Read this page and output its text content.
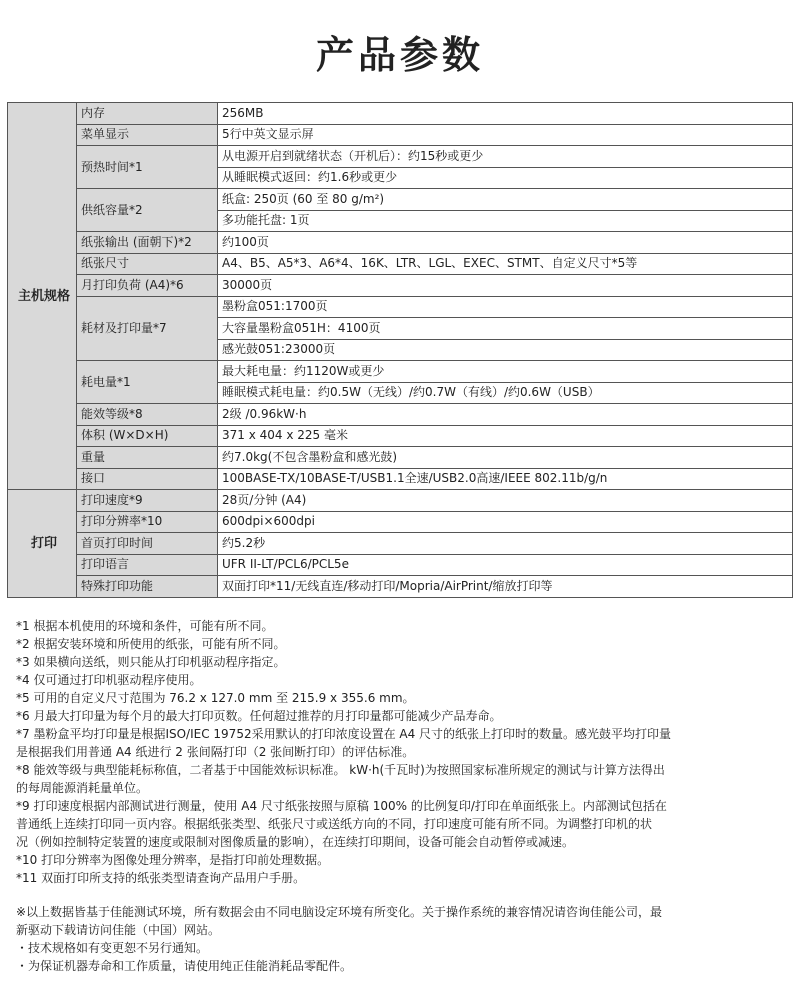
产品参数
主机规格	内存	256MB
	菜单显示	5行中英文显示屏
	预热时间*1	从电源开启到就绪状态（开机后）：约15秒或更少
		从睡眠模式返回：约1.6秒或更少
	供纸容量*2	纸盒: 250页 (60 至 80 g/m²)
		多功能托盘: 1页
	纸张输出 (面朝下)*2	约100页
	纸张尺寸	A4、B5、A5*3、A6*4、16K、LTR、LGL、EXEC、STMT、自定义尺寸*5等
	月打印负荷 (A4)*6	30000页
	耗材及打印量*7	墨粉盒051:1700页
		大容量墨粉盒051H：4100页
		感光鼓051:23000页
	耗电量*1	最大耗电量：约1120W或更少
		睡眠模式耗电量：约0.5W（无线）/约0.7W（有线）/约0.6W（USB）
	能效等级*8	2级 /0.96kW·h
	体积 (W×D×H)	371 x 404 x 225 毫米
	重量	约7.0kg(不包含墨粉盒和感光鼓)
	接口	100BASE-TX/10BASE-T/USB1.1全速/USB2.0高速/IEEE 802.11b/g/n
打印	打印速度*9	28页/分钟 (A4)
	打印分辨率*10	600dpi×600dpi
	首页打印时间	约5.2秒
	打印语言	UFR II-LT/PCL6/PCL5e
	特殊打印功能	双面打印*11/无线直连/移动打印/Mopria/AirPrint/缩放打印等
*1 根据本机使用的环境和条件，可能有所不同。
*2 根据安装环境和所使用的纸张，可能有所不同。
*3 如果横向送纸，则只能从打印机驱动程序指定。
*4 仅可通过打印机驱动程序使用。
*5 可用的自定义尺寸范围为 76.2 x 127.0 mm 至 215.9 x 355.6 mm。
*6 月最大打印量为每个月的最大打印页数。任何超过推荐的月打印量都可能减少产品寿命。
*7 墨粉盒平均打印量是根据ISO/IEC 19752采用默认的打印浓度设置在 A4 尺寸的纸张上打印时的数量。感光鼓平均打印量
是根据我们用普通 A4 纸进行 2 张间隔打印（2 张间断打印）的评估标准。
*8 能效等级与典型能耗标称值，二者基于中国能效标识标准。 kW·h(千瓦时)为按照国家标准所规定的测试与计算方法得出
的每周能源消耗量单位。
*9 打印速度根据内部测试进行测量，使用 A4 尺寸纸张按照与原稿 100% 的比例复印/打印在单面纸张上。内部测试包括在
普通纸上连续打印同一页内容。根据纸张类型、纸张尺寸或送纸方向的不同，打印速度可能有所不同。为调整打印机的状
况（例如控制特定装置的速度或限制对图像质量的影响），在连续打印期间，设备可能会自动暂停或减速。
*10 打印分辨率为图像处理分辨率，是指打印前处理数据。
*11 双面打印所支持的纸张类型请查询产品用户手册。
※以上数据皆基于佳能测试环境，所有数据会由不同电脑设定环境有所变化。关于操作系统的兼容情况请咨询佳能公司，最
新驱动下载请访问佳能（中国）网站。
・技术规格如有变更恕不另行通知。
・为保证机器寿命和工作质量，请使用纯正佳能消耗品零配件。
